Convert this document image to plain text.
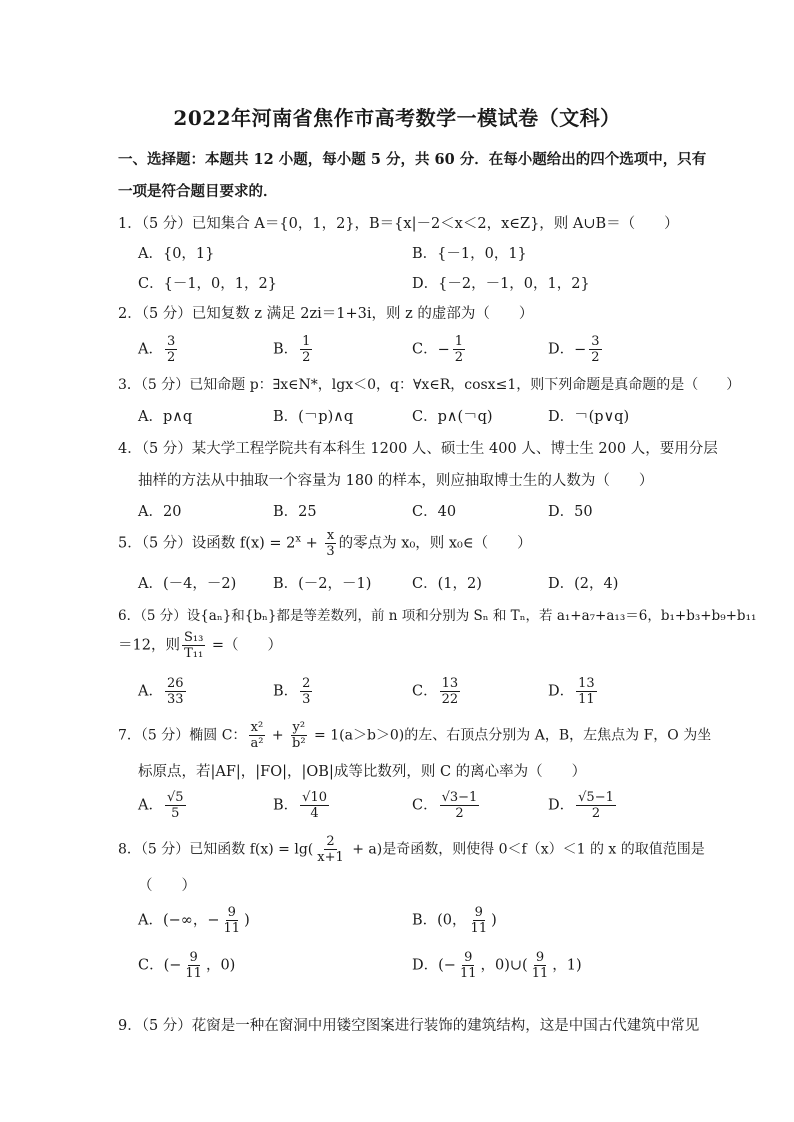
2022年河南省焦作市高考数学一模试卷（文科）
一、选择题：本题共 12 小题，每小题 5 分，共 60 分．在每小题给出的四个选项中，只有
一项是符合题目要求的．
1．（5 分）已知集合 A＝{0，1，2}，B＝{x|－2＜x＜2，x∈Z}，则 A∪B＝（　　）
A．{0，1}	B．{－1，0，1}
C．{－1，0，1，2}	D．{－2，－1，0，1，2}
2．（5 分）已知复数 z 满足 2zi＝1+3i，则 z 的虚部为（　　）
A． $\frac{3}{2}$	B． $\frac{1}{2}$	C．− $\frac{1}{2}$	D．− $\frac{3}{2}$
3．（5 分）已知命题 p：∃x∈N*，lgx＜0，q：∀x∈R，cosx≤1，则下列命题是真命题的是（　　）
A．p∧q	B．(￢p)∧q	C．p∧(￢q)	D．￢(p∨q)
4．（5 分）某大学工程学院共有本科生 1200 人、硕士生 400 人、博士生 200 人，要用分层
抽样的方法从中抽取一个容量为 180 的样本，则应抽取博士生的人数为（　　）
A．20	B．25	C．40	D．50
5．（5 分）设函数 $f(x) = 2^x + \frac{x}{3}$ 的零点为 x₀，则 x₀∈（　　）
A．(－4，－2)	B．(－2，－1)	C．(1，2)	D．(2，4)
6．（5 分）设{aₙ}和{bₙ}都是等差数列，前 n 项和分别为 Sₙ 和 Tₙ，若 a₁+a₇+a₁₃＝6，b₁+b₃+b₉+b₁₁
＝12，则 $\frac{\text{S₁₃}}{\text{T₁₁}}$ =（　　）
A． $\frac{26}{33}$	B． $\frac{2}{3}$	C． $\frac{13}{22}$	D． $\frac{13}{11}$
7．（5 分）椭圆 C： $\frac{\text{x²}}{\text{a²}} + \frac{\text{y²}}{\text{b²}} = 1(a>b>0)$的左、右顶点分别为 A，B，左焦点为 F，O 为坐
标原点，若|AF|，|FO|，|OB|成等比数列，则 C 的离心率为（　　）
A． $\frac{√5}{5}$	B． $\frac{√10}{4}$	C． $\frac{√3-1}{2}$	D． $\frac{√5-1}{2}$
8．（5 分）已知函数 $f(x) = \lg( \frac{2}{x+1} + a)$是奇函数，则使得 0＜f（x）＜1 的 x 的取值范围是
（　　）
A．(−∞，− $\frac{9}{11}$ )	B．(0， $\frac{9}{11}$ )
C．(− $\frac{9}{11}$ ，0)	D．(− $\frac{9}{11}$ ，0)∪( $\frac{9}{11}$ ，1)
9．（5 分）花窗是一种在窗洞中用镂空图案进行装饰的建筑结构，这是中国古代建筑中常见
